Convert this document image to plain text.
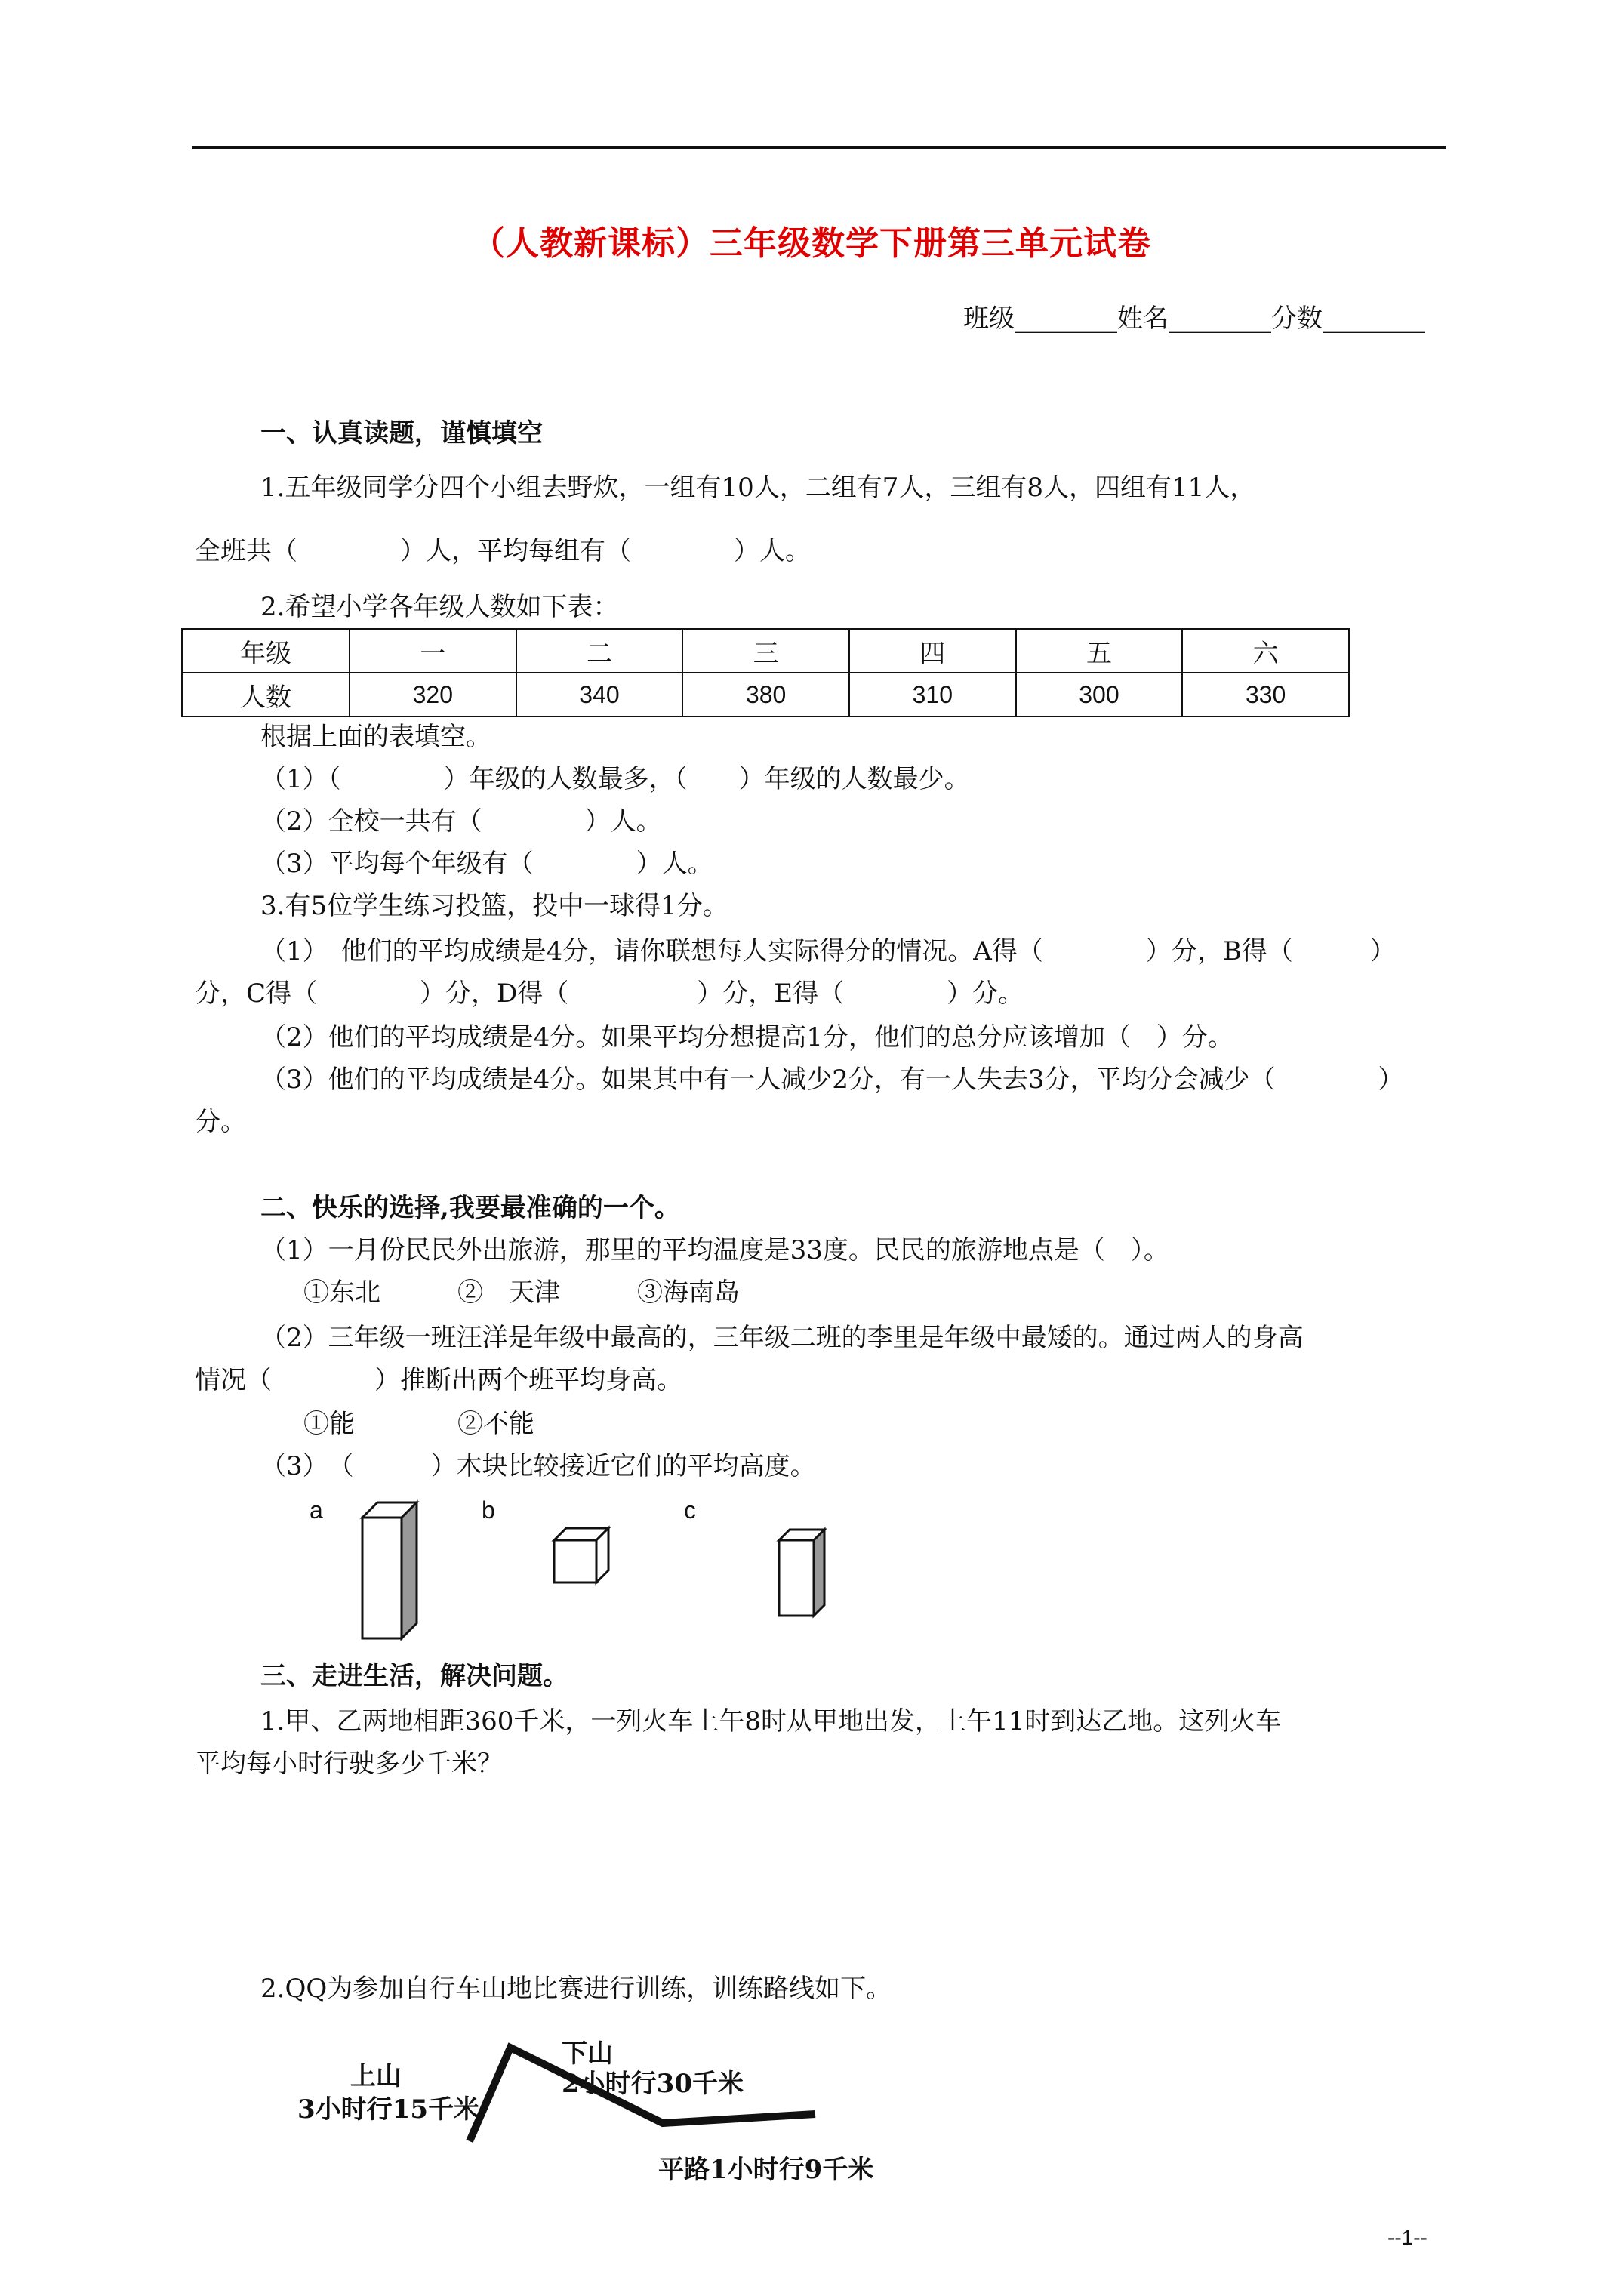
（人教新课标）三年级数学下册第三单元试卷
班级________姓名________分数________
一、认真读题，谨慎填空
1.五年级同学分四个小组去野炊，一组有10人，二组有7人，三组有8人，四组有11人，
全班共（　　　　）人，平均每组有（　　　　）人。
2.希望小学各年级人数如下表：
年级	一	二	三	四	五	六
人数	320	340	380	310	300	330
根据上面的表填空。
（1）（　　　　）年级的人数最多，（　　）年级的人数最少。
（2）全校一共有（　　　　）人。
（3）平均每个年级有（　　　　）人。
3.有5位学生练习投篮，投中一球得1分。
（1）　他们的平均成绩是4分，请你联想每人实际得分的情况。A得（　　　　）分，B得（　　　）
分，C得（　　　　）分，D得（　　　　　）分，E得（　　　　）分。
（2）他们的平均成绩是4分。如果平均分想提高1分，他们的总分应该增加（　）分。
（3）他们的平均成绩是4分。如果其中有一人减少2分，有一人失去3分，平均分会减少（　　　　）
分。
二、快乐的选择,我要最准确的一个。
（1）一月份民民外出旅游，那里的平均温度是33度。民民的旅游地点是（　）。
①东北　　　②　天津　　　③海南岛
（2）三年级一班汪洋是年级中最高的，三年级二班的李里是年级中最矮的。通过两人的身高
情况（　　　　）推断出两个班平均身高。
①能　　　　②不能
（3）　（　　　）木块比较接近它们的平均高度。
a	b	c
三、走进生活，解决问题。
1.甲、乙两地相距360千米，一列火车上午8时从甲地出发，上午11时到达乙地。这列火车
平均每小时行驶多少千米？
2.QQ为参加自行车山地比赛进行训练，训练路线如下。
上山
3小时行15千米
下山
2小时行30千米
平路1小时行9千米
--1--
